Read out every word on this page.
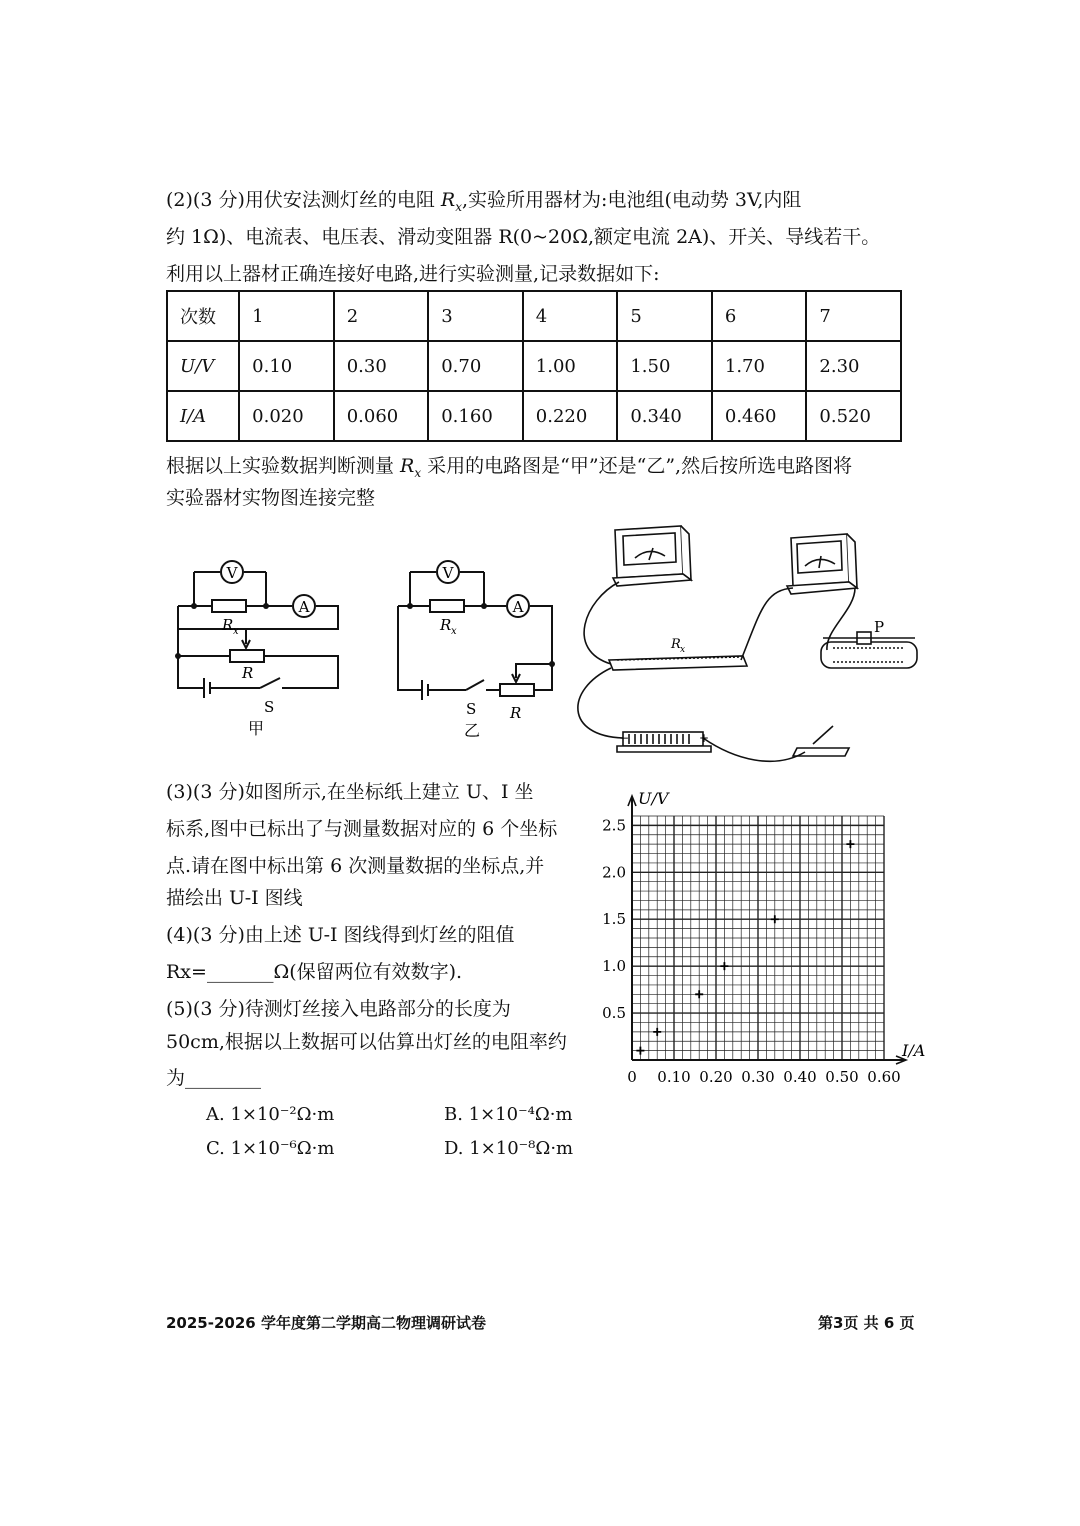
(2)(3 分)用伏安法测灯丝的电阻 $R_x$,实验所用器材为:电池组(电动势 3V,内阻
约 1Ω)、电流表、电压表、滑动变阻器 R(0~20Ω,额定电流 2A)、开关、导线若干。
利用以上器材正确连接好电路,进行实验测量,记录数据如下:
次数	1	2	3	4	5	6	7
U/V	0.10	0.30	0.70	1.00	1.50	1.70	2.30
I/A	0.020	0.060	0.160	0.220	0.340	0.460	0.520
根据以上实验数据判断测量 $R_x$ 采用的电路图是“甲”还是“乙”,然后按所选电路图将
实验器材实物图连接完整
V
A
R x
R
S
甲
V
A
R x
S R
乙
R x
P
−	+
(3)(3 分)如图所示,在坐标纸上建立 U、I 坐
标系,图中已标出了与测量数据对应的 6 个坐标
点.请在图中标出第 6 次测量数据的坐标点,并
描绘出 U-I 图线
(4)(3 分)由上述 U-I 图线得到灯丝的阻值
Rx=_______Ω(保留两位有效数字).
(5)(3 分)待测灯丝接入电路部分的长度为
50cm,根据以上数据可以估算出灯丝的电阻率约
为________
A. 1×10⁻²Ω·m	B. 1×10⁻⁴Ω·m
C. 1×10⁻⁶Ω·m	D. 1×10⁻⁸Ω·m
0 0.10 0.20 0.30 0.40 0.50 0.60
0.5
1.0
1.5
2.0
2.5
U/V
I/A
2025-2026 学年度第二学期高二物理调研试卷	第3页 共 6 页
